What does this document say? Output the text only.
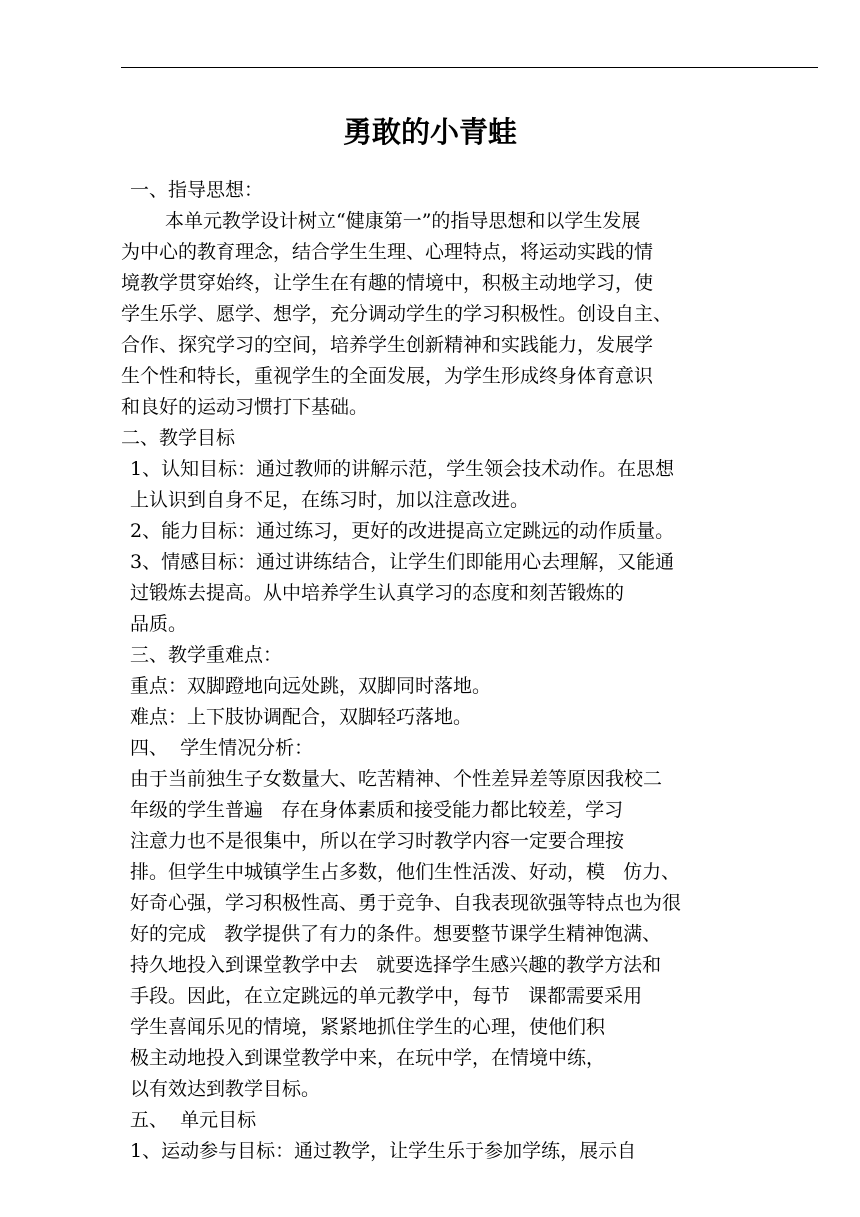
勇敢的小青蛙
一、指导思想：
本单元教学设计树立“健康第一”的指导思想和以学生发展
为中心的教育理念，结合学生生理、心理特点，将运动实践的情
境教学贯穿始终，让学生在有趣的情境中，积极主动地学习，使
学生乐学、愿学、想学，充分调动学生的学习积极性。创设自主、
合作、探究学习的空间，培养学生创新精神和实践能力，发展学
生个性和特长，重视学生的全面发展，为学生形成终身体育意识
和良好的运动习惯打下基础。
二、教学目标
1、认知目标：通过教师的讲解示范，学生领会技术动作。在思想
上认识到自身不足，在练习时，加以注意改进。
2、能力目标：通过练习，更好的改进提高立定跳远的动作质量。
3、情感目标：通过讲练结合，让学生们即能用心去理解，又能通
过锻炼去提高。从中培养学生认真学习的态度和刻苦锻炼的
品质。
三、教学重难点：
重点：双脚蹬地向远处跳，双脚同时落地。
难点：上下肢协调配合，双脚轻巧落地。
四、  学生情况分析：
由于当前独生子女数量大、吃苦精神、个性差异差等原因我校二
年级的学生普遍   存在身体素质和接受能力都比较差，学习
注意力也不是很集中，所以在学习时教学内容一定要合理按
排。但学生中城镇学生占多数，他们生性活泼、好动，模   仿力、
好奇心强，学习积极性高、勇于竞争、自我表现欲强等特点也为很
好的完成   教学提供了有力的条件。想要整节课学生精神饱满、
持久地投入到课堂教学中去   就要选择学生感兴趣的教学方法和
手段。因此，在立定跳远的单元教学中，每节   课都需要采用
学生喜闻乐见的情境，紧紧地抓住学生的心理，使他们积
极主动地投入到课堂教学中来，在玩中学，在情境中练，
以有效达到教学目标。
五、  单元目标
1、运动参与目标：通过教学，让学生乐于参加学练，展示自
